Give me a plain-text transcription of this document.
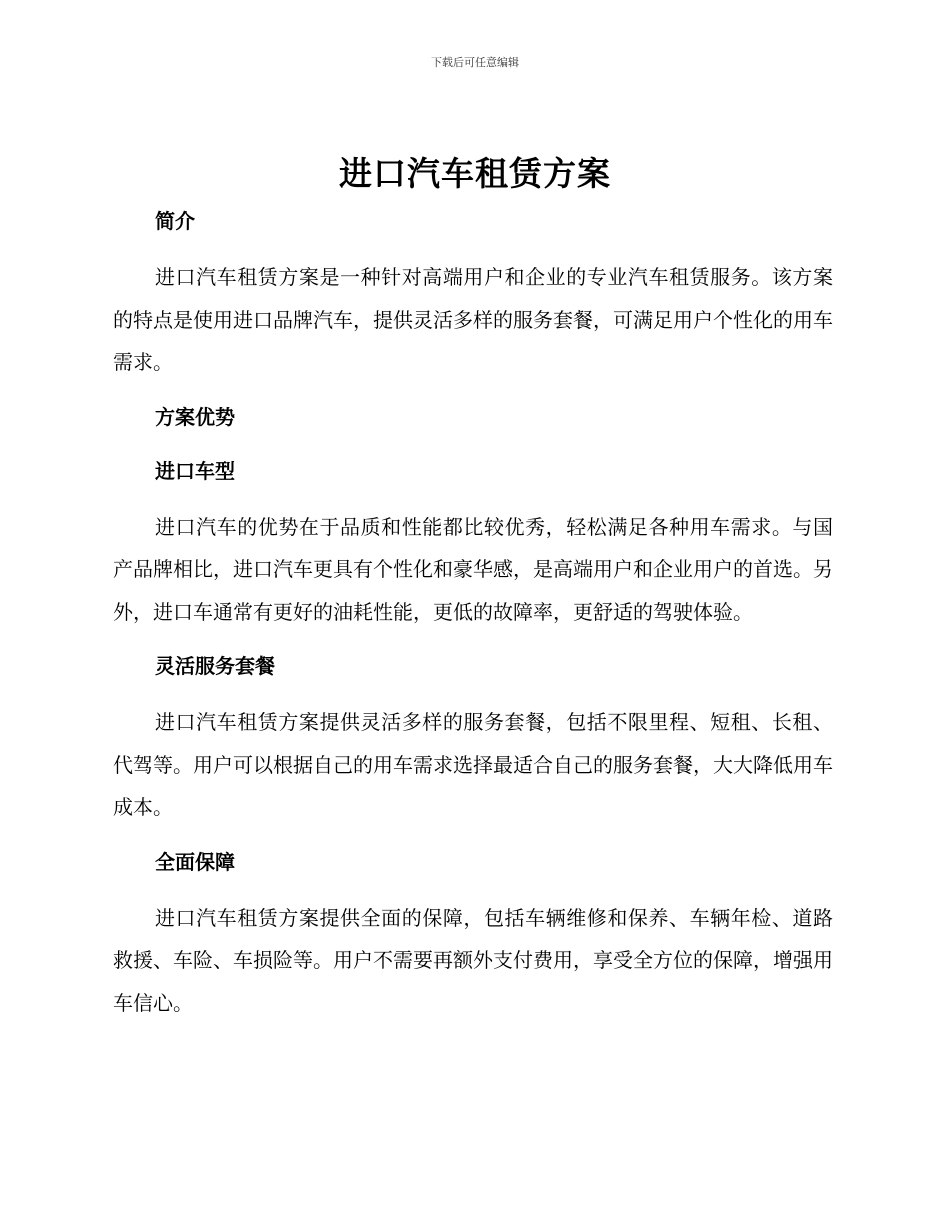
下载后可任意编辑
进口汽车租赁方案
简介

进口汽车租赁方案是一种针对高端用户和企业的专业汽车租赁服务。该方案的特点是使用进口品牌汽车，提供灵活多样的服务套餐，可满足用户个性化的用车需求。

方案优势
进口车型

进口汽车的优势在于品质和性能都比较优秀，轻松满足各种用车需求。与国产品牌相比，进口汽车更具有个性化和豪华感，是高端用户和企业用户的首选。另外，进口车通常有更好的油耗性能，更低的故障率，更舒适的驾驶体验。

灵活服务套餐

进口汽车租赁方案提供灵活多样的服务套餐，包括不限里程、短租、长租、代驾等。用户可以根据自己的用车需求选择最适合自己的服务套餐，大大降低用车成本。

全面保障

进口汽车租赁方案提供全面的保障，包括车辆维修和保养、车辆年检、道路救援、车险、车损险等。用户不需要再额外支付费用，享受全方位的保障，增强用车信心。
